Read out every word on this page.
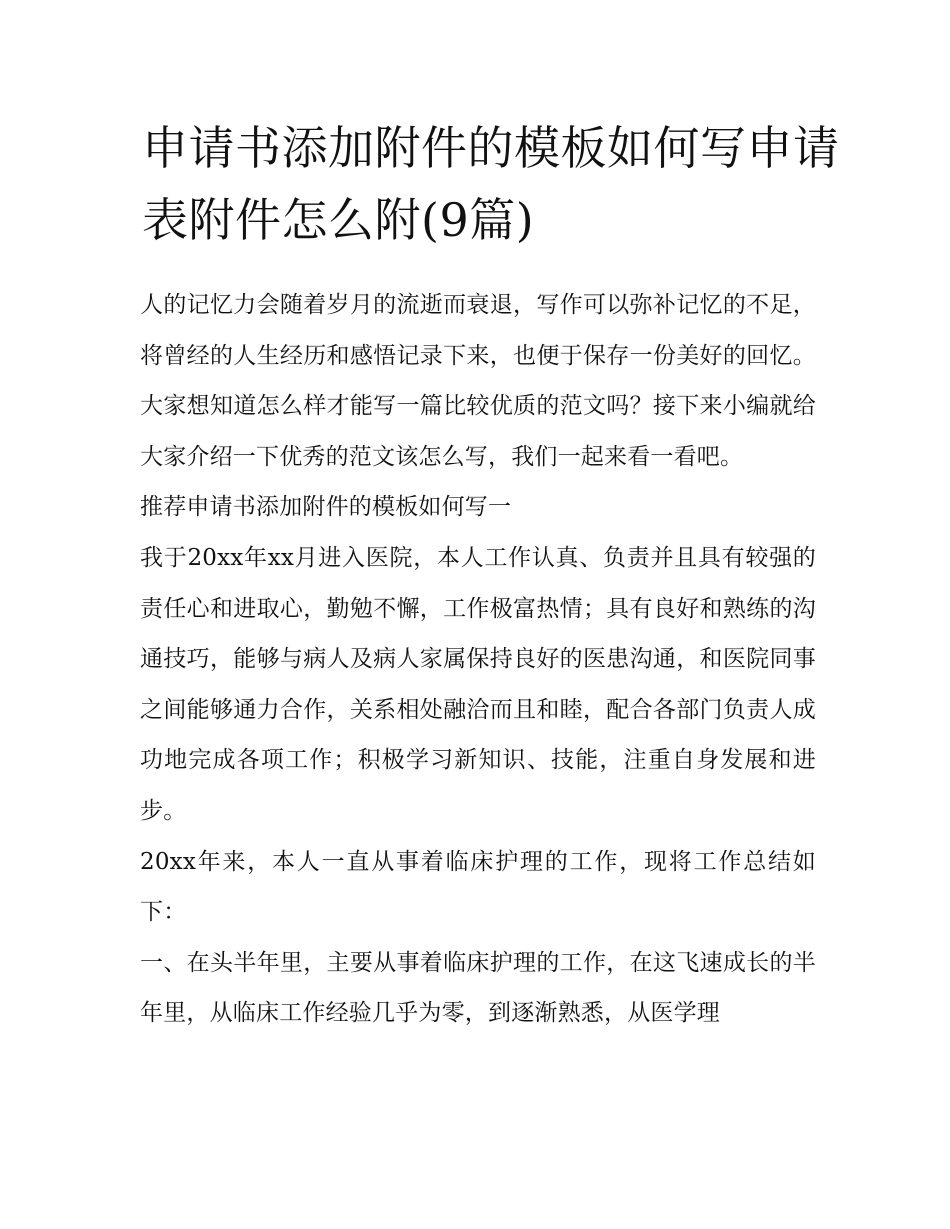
申请书添加附件的模板如何写申请表附件怎么附(9篇)

人的记忆力会随着岁月的流逝而衰退，写作可以弥补记忆的不足，将曾经的人生经历和感悟记录下来，也便于保存一份美好的回忆。大家想知道怎么样才能写一篇比较优质的范文吗？接下来小编就给大家介绍一下优秀的范文该怎么写，我们一起来看一看吧。

推荐申请书添加附件的模板如何写一

我于20xx年xx月进入医院，本人工作认真、负责并且具有较强的责任心和进取心，勤勉不懈，工作极富热情；具有良好和熟练的沟通技巧，能够与病人及病人家属保持良好的医患沟通，和医院同事之间能够通力合作，关系相处融洽而且和睦，配合各部门负责人成功地完成各项工作；积极学习新知识、技能，注重自身发展和进步。

20xx年来，本人一直从事着临床护理的工作，现将工作总结如下：

一、在头半年里，主要从事着临床护理的工作，在这飞速成长的半年里，从临床工作经验几乎为零，到逐渐熟悉，从医学理
